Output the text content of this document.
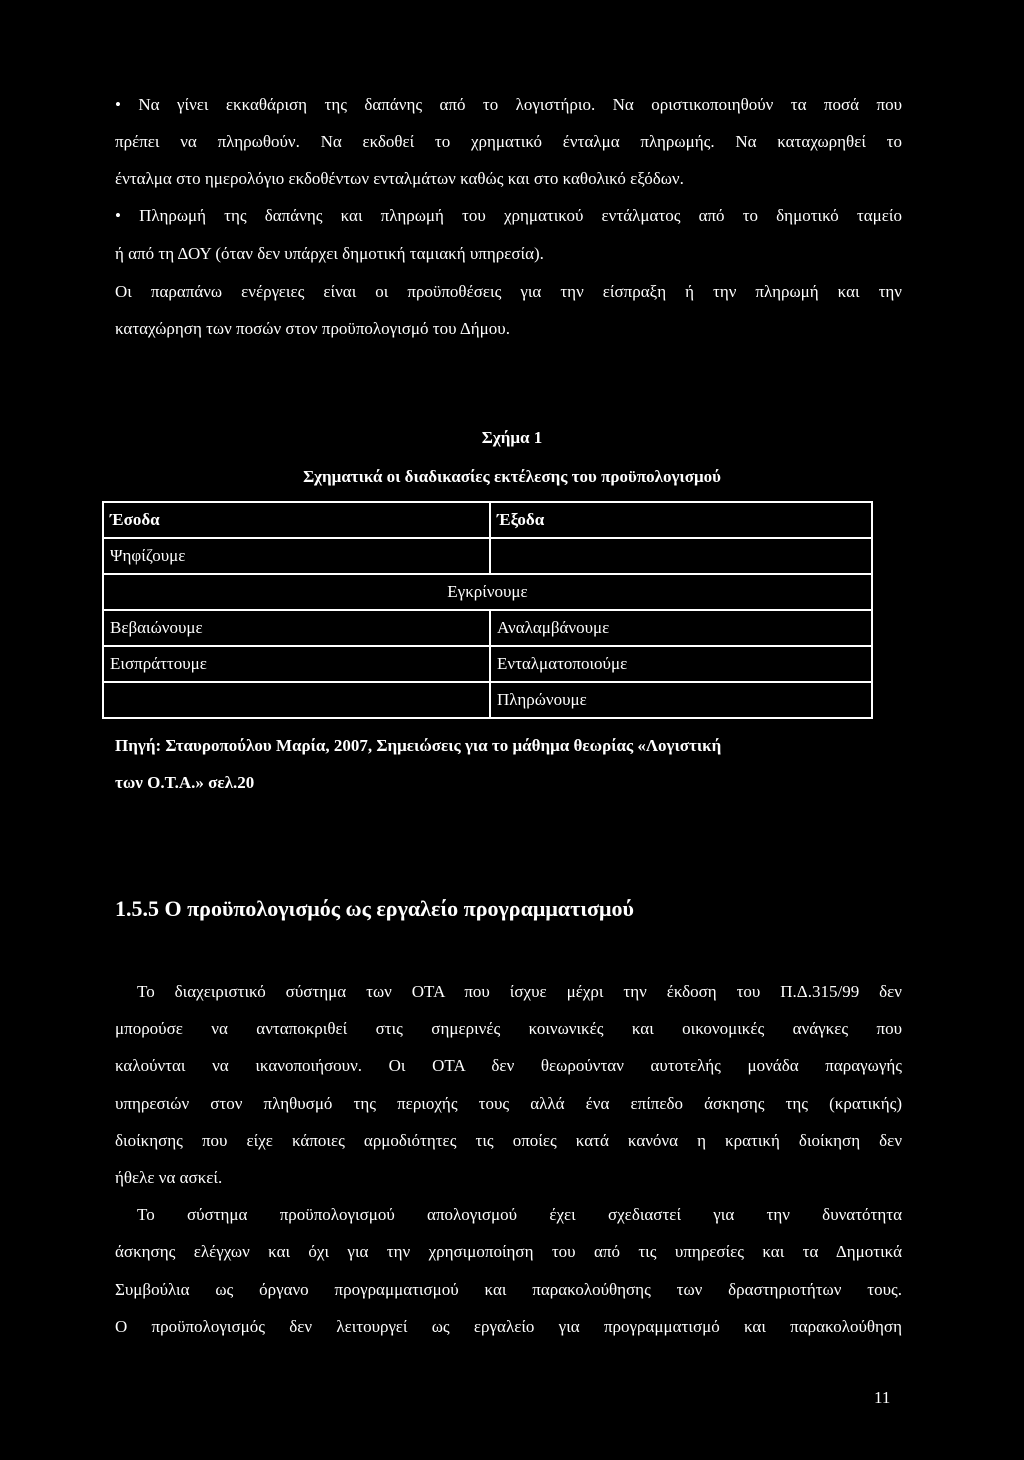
• Να γίνει εκκαθάριση της δαπάνης από το λογιστήριο. Να οριστικοποιηθούν τα ποσά που
πρέπει να πληρωθούν. Να εκδοθεί το χρηματικό ένταλμα πληρωμής. Να καταχωρηθεί το
ένταλμα στο ημερολόγιο εκδοθέντων ενταλμάτων καθώς και στο καθολικό εξόδων.
• Πληρωμή της δαπάνης και πληρωμή του χρηματικού εντάλματος από το δημοτικό ταμείο
ή από τη ΔΟΥ (όταν δεν υπάρχει δημοτική ταμιακή υπηρεσία).
Οι παραπάνω ενέργειες είναι οι προϋποθέσεις για την είσπραξη ή την πληρωμή και την
καταχώρηση των ποσών στον προϋπολογισμό του Δήμου.
Σχήμα 1
Σχηματικά οι διαδικασίες εκτέλεσης του προϋπολογισμού
Έσοδα	Έξοδα
Ψηφίζουμε	
Εγκρίνουμε	
Βεβαιώνουμε	Αναλαμβάνουμε
Εισπράττουμε	Ενταλματοποιούμε
	Πληρώνουμε
Πηγή: Σταυροπούλου Μαρία, 2007, Σημειώσεις για το μάθημα θεωρίας «Λογιστική
των Ο.Τ.Α.» σελ.20
1.5.5 Ο προϋπολογισμός ως εργαλείο προγραμματισμού
Το διαχειριστικό σύστημα των ΟΤΑ που ίσχυε μέχρι την έκδοση του Π.Δ.315/99 δεν
μπορούσε να ανταποκριθεί στις σημερινές κοινωνικές και οικονομικές ανάγκες που
καλούνται να ικανοποιήσουν. Οι ΟΤΑ δεν θεωρούνταν αυτοτελής μονάδα παραγωγής
υπηρεσιών στον πληθυσμό της περιοχής τους αλλά ένα επίπεδο άσκησης της (κρατικής)
διοίκησης που είχε κάποιες αρμοδιότητες τις οποίες κατά κανόνα η κρατική διοίκηση δεν
ήθελε να ασκεί.
Το σύστημα προϋπολογισμού απολογισμού έχει σχεδιαστεί για την δυνατότητα
άσκησης ελέγχων και όχι για την χρησιμοποίηση του από τις υπηρεσίες και τα Δημοτικά
Συμβούλια ως όργανο προγραμματισμού και παρακολούθησης των δραστηριοτήτων τους.
Ο προϋπολογισμός δεν λειτουργεί ως εργαλείο για προγραμματισμό και παρακολούθηση
11
